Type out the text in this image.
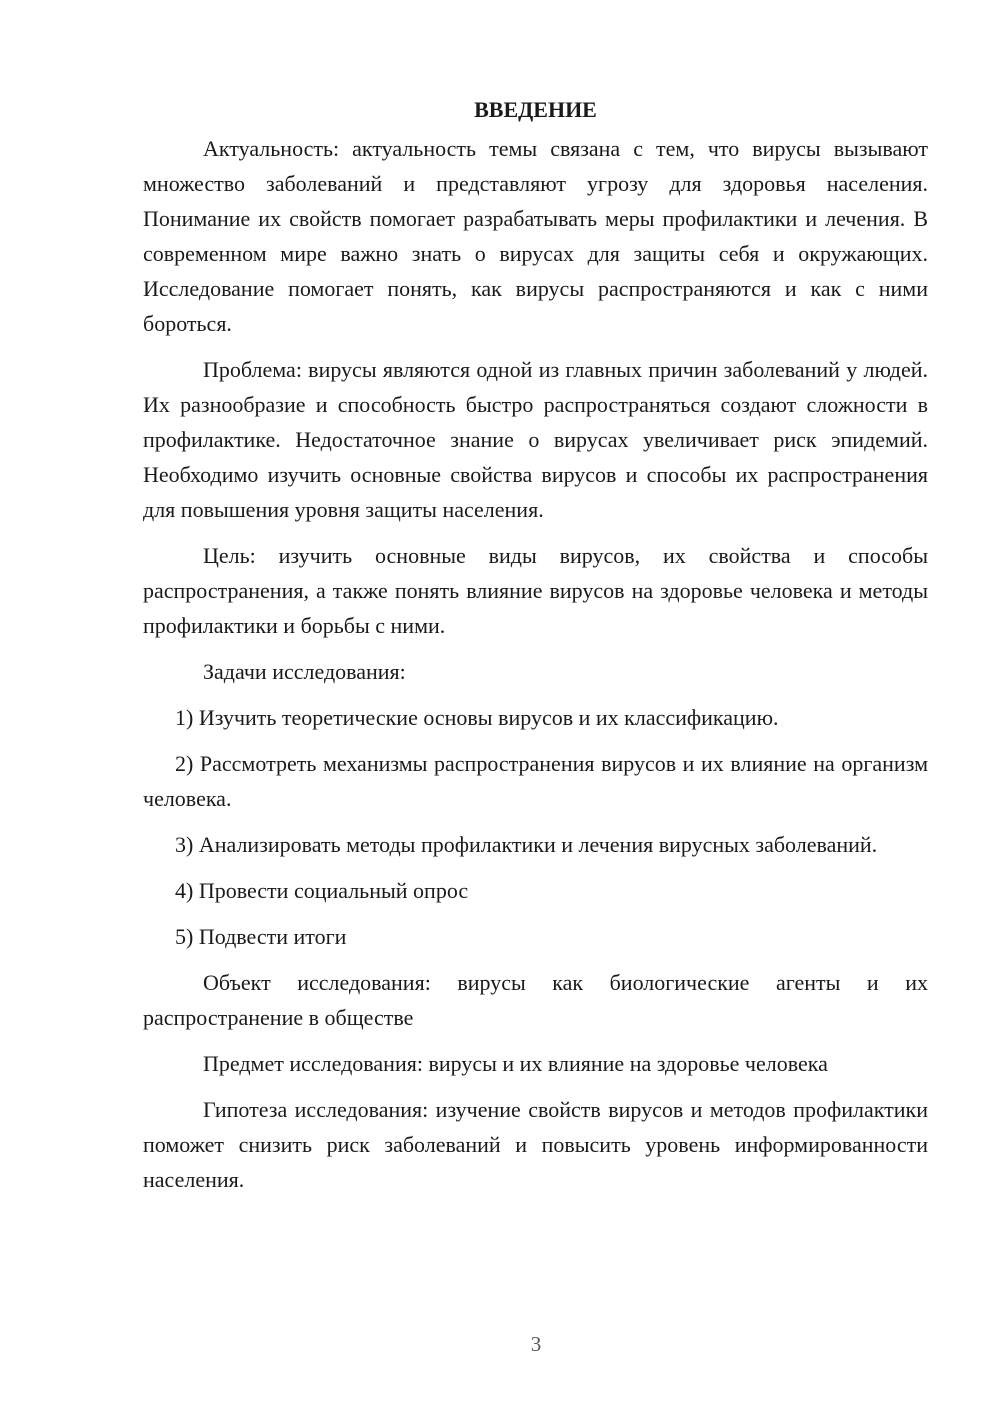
ВВЕДЕНИЕ

Актуальность: актуальность темы связана с тем, что вирусы вызывают множество заболеваний и представляют угрозу для здоровья населения. Понимание их свойств помогает разрабатывать меры профилактики и лечения. В современном мире важно знать о вирусах для защиты себя и окружающих. Исследование помогает понять, как вирусы распространяются и как с ними бороться.

Проблема: вирусы являются одной из главных причин заболеваний у людей. Их разнообразие и способность быстро распространяться создают сложности в профилактике. Недостаточное знание о вирусах увеличивает риск эпидемий. Необходимо изучить основные свойства вирусов и способы их распространения для повышения уровня защиты населения.

Цель: изучить основные виды вирусов, их свойства и способы распространения, а также понять влияние вирусов на здоровье человека и методы профилактики и борьбы с ними.

Задачи исследования:

1) Изучить теоретические основы вирусов и их классификацию.

2) Рассмотреть механизмы распространения вирусов и их влияние на организм человека.

3) Анализировать методы профилактики и лечения вирусных заболеваний.

4) Провести социальный опрос

5) Подвести итоги

Объект исследования: вирусы как биологические агенты и их распространение в обществе

Предмет исследования: вирусы и их влияние на здоровье человека

Гипотеза исследования: изучение свойств вирусов и методов профилактики поможет снизить риск заболеваний и повысить уровень информированности населения.

3
